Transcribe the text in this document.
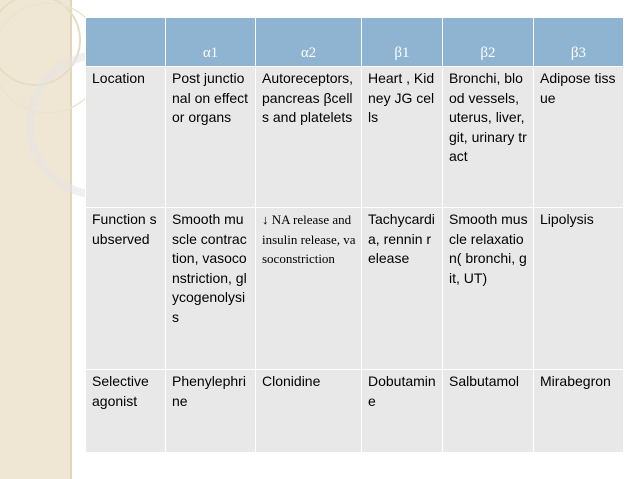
	α1	α2	β1	β2	β3

Location	Post junctional on effector organs	Autoreceptors, pancreas βcells and platelets	Heart , Kidney JG cells	Bronchi, blood vessels, uterus, liver, git, urinary tract	Adipose tissue
Function subserved	Smooth muscle contraction, vasoconstriction, glycogenolysis	↓ NA release and insulin release, vasoconstriction	Tachycardia, rennin release	Smooth muscle relaxation( bronchi, git, UT)	Lipolysis
Selective agonist	Phenylephrine	Clonidine	Dobutamine	Salbutamol	Mirabegron
